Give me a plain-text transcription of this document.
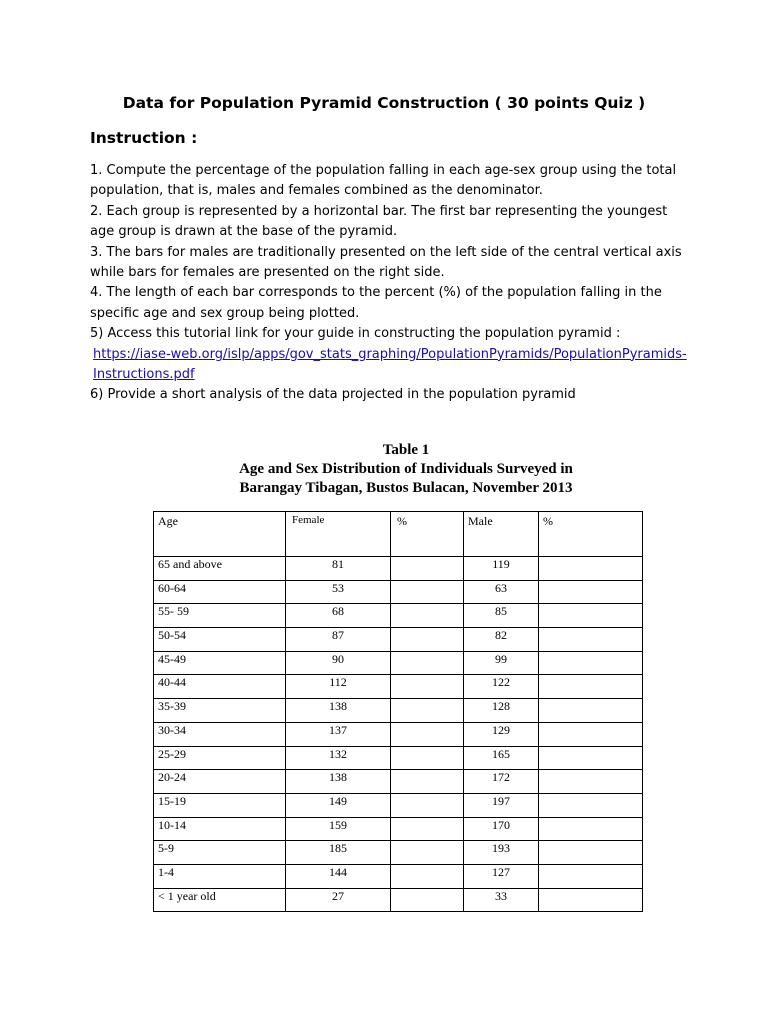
Data for Population Pyramid Construction ( 30 points Quiz )
Instruction :

1. Compute the percentage of the population falling in each age-sex group using the total population, that is, males and females combined as the denominator.

2. Each group is represented by a horizontal bar. The first bar representing the youngest age group is drawn at the base of the pyramid.

3. The bars for males are traditionally presented on the left side of the central vertical axis while bars for females are presented on the right side.

4. The length of each bar corresponds to the percent (%) of the population falling in the specific age and sex group being plotted.

5) Access this tutorial link for your guide in constructing the population pyramid :

https://iase-web.org/islp/apps/gov_stats_graphing/PopulationPyramids/PopulationPyramids-Instructions.pdf

6) Provide a short analysis of the data projected in the population pyramid

Table 1
Age and Sex Distribution of Individuals Surveyed in
Barangay Tibagan, Bustos Bulacan, November 2013
Age	Female	%	Male	%
65 and above	81		119	
60-64	53		63	
55- 59	68		85	
50-54	87		82	
45-49	90		99	
40-44	112		122	
35-39	138		128	
30-34	137		129	
25-29	132		165	
20-24	138		172	
15-19	149		197	
10-14	159		170	
5-9	185		193	
1-4	144		127	
< 1 year old	27		33	
